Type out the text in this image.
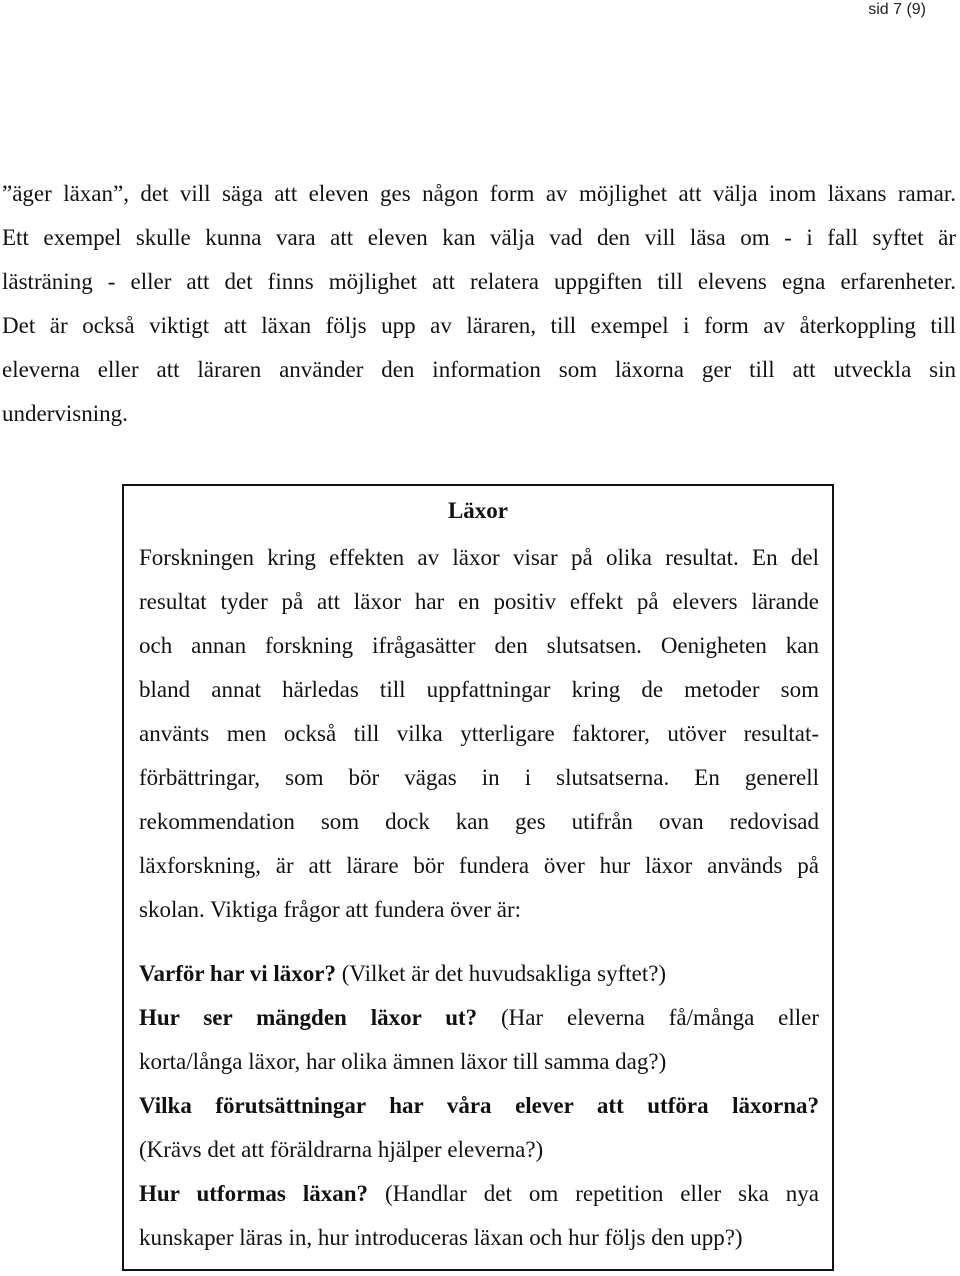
sid 7 (9)

”äger läxan”, det vill säga att eleven ges någon form av möjlighet att välja inom läxans ramar.
Ett exempel skulle kunna vara att eleven kan välja vad den vill läsa om - i fall syftet är
lästräning - eller att det finns möjlighet att relatera uppgiften till elevens egna erfarenheter.
Det är också viktigt att läxan följs upp av läraren, till exempel i form av återkoppling till
eleverna eller att läraren använder den information som läxorna ger till att utveckla sin
undervisning.

Läxor

Forskningen kring effekten av läxor visar på olika resultat. En del
resultat tyder på att läxor har en positiv effekt på elevers lärande
och annan forskning ifrågasätter den slutsatsen. Oenigheten kan
bland annat härledas till uppfattningar kring de metoder som
använts men också till vilka ytterligare faktorer, utöver resultat-
förbättringar, som bör vägas in i slutsatserna. En generell
rekommendation som dock kan ges utifrån ovan redovisad
läxforskning, är att lärare bör fundera över hur läxor används på
skolan. Viktiga frågor att fundera över är:

Varför har vi läxor? (Vilket är det huvudsakliga syftet?)
Hur ser mängden läxor ut? (Har eleverna få/många eller
korta/långa läxor, har olika ämnen läxor till samma dag?)
Vilka förutsättningar har våra elever att utföra läxorna?
(Krävs det att föräldrarna hjälper eleverna?)
Hur utformas läxan? (Handlar det om repetition eller ska nya
kunskaper läras in, hur introduceras läxan och hur följs den upp?)
